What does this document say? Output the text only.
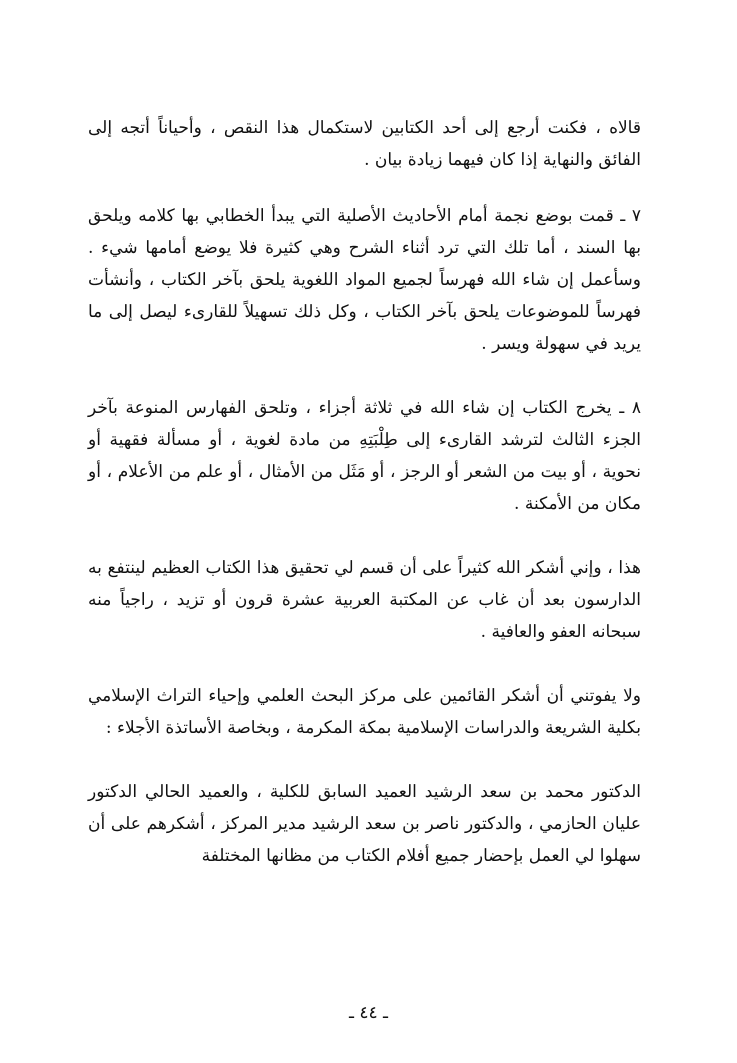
قالاه ، فكنت أرجع إلى أحد الكتابين لاستكمال هذا النقص ، وأحياناً أتجه إلى الفائق والنهاية إذا كان فيهما زيادة بيان .

٧ ـ قمت بوضع نجمة أمام الأحاديث الأصلية التي يبدأ الخطابي بها كلامه ويلحق بها السند ، أما تلك التي ترد أثناء الشرح وهي كثيرة فلا يوضع أمامها شيء . وسأعمل إن شاء الله فهرساً لجميع المواد اللغوية يلحق بآخر الكتاب ، وأنشأت فهرساً للموضوعات يلحق بآخر الكتاب ، وكل ذلك تسهيلاً للقارىء ليصل إلى ما يريد في سهولة ويسر .

٨ ـ يخرج الكتاب إن شاء الله في ثلاثة أجزاء ، وتلحق الفهارس المنوعة بآخر الجزء الثالث لترشد القارىء إلى طِلْبَتِهِ من مادة لغوية ، أو مسألة فقهية أو نحوية ، أو بيت من الشعر أو الرجز ، أو مَثَل من الأمثال ، أو علم من الأعلام ، أو مكان من الأمكنة .

هذا ، وإني أشكر الله كثيراً على أن قسم لي تحقيق هذا الكتاب العظيم لينتفع به الدارسون بعد أن غاب عن المكتبة العربية عشرة قرون أو تزيد ، راجياً منه سبحانه العفو والعافية .

ولا يفوتني أن أشكر القائمين على مركز البحث العلمي وإحياء التراث الإسلامي بكلية الشريعة والدراسات الإسلامية بمكة المكرمة ، وبخاصة الأساتذة الأجلاء :

الدكتور محمد بن سعد الرشيد العميد السابق للكلية ، والعميد الحالي الدكتور عليان الحازمي ، والدكتور ناصر بن سعد الرشيد مدير المركز ، أشكرهم على أن سهلوا لي العمل بإحضار جميع أفلام الكتاب من مظانها المختلفة

ـ ٤٤ ـ
